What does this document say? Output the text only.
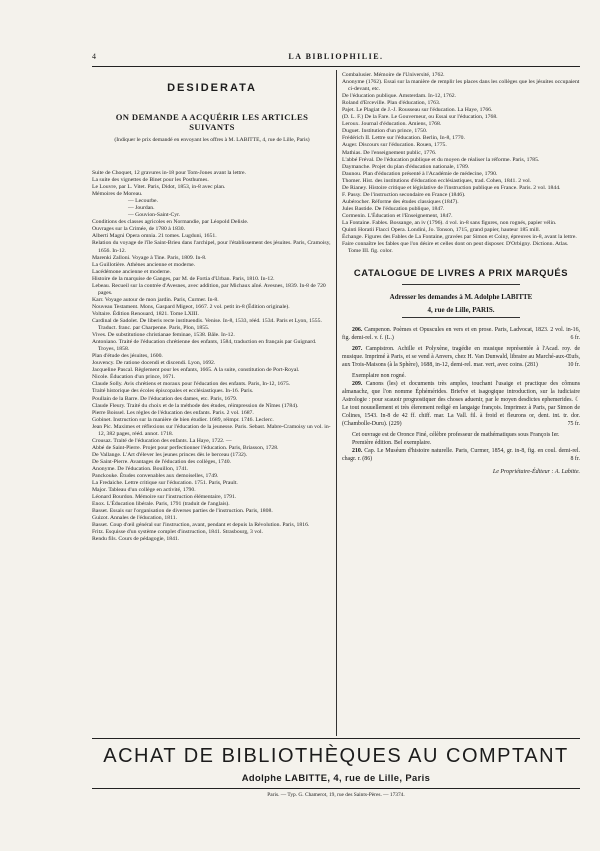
4	LA BIBLIOPHILIE.
DESIDERATA
ON DEMANDE A ACQUÉRIR LES ARTICLES SUIVANTS
(Indiquer le prix demandé en envoyant les offres à M. LABITTE, 4, rue de Lille, Paris)
Suite de Choquet, 12 gravures in-18 pour Tom-Jones avant la lettre.
La suite des vignettes de Binet pour les Posthumes.
Le Louvre, par L. Vitet. Paris, Didot, 1853, in-8 avec plan.
Mémoires de Moreau.
— Lecourbe.
— Jourdan.
— Gouvion-Saint-Cyr.
Conditions des classes agricoles en Normandie, par Léopold Delisle.
Ouvrages sur la Crimée, de 1780 à 1830.
Alberti Magni Opera omnia. 21 tomes. Lugduni, 1651.
Relation du voyage de l'île Saint-Brieu dans l'archipel, pour l'établissement des jésuites. Paris, Cramoisy, 1656. In-12.
Marenki Zalloni. Voyage à Tine. Paris, 1809. In-8.
La Guillotière. Athènes ancienne et moderne.
Lacédémone ancienne et moderne.
Histoire de la marquise de Ganges, par M. de Fortia d'Urban. Paris, 1810. In-12.
Lebeau. Recueil sur la contrée d'Avesnes, avec addition, par Michaux aîné. Avesnes, 1839. In-8 de 720 pages.
Karr. Voyage autour de mon jardin. Paris, Curmer. In-8.
Nouveau Testament. Mons, Gaspard Migeot, 1667. 2 vol. petit in-8 (Édition originale).
Voltaire. Édition Renouard, 1821. Tome LXIII.
Cardinal de Sadolet. De liberis recte instituendis. Venise. In-8, 1533, rééd. 1534. Paris et Lyon, 1555. Traduct. franc. par Charpenne. Paris, Plon, 1855.
Vives. De substitutione christianae feminae, 1538. Bâle. In-12.
Antoniano. Traité de l'éducation chrétienne des enfants, 1584, traduction en français par Guignard. Troyes, 1858.
Plan d'étude des jésuites, 1600.
Jouvency. De ratione docendi et discendi. Lyon, 1692.
Jacqueline Pascal. Règlement pour les enfants, 1665. A la suite, constitution de Port-Royal.
Nicole. Éducation d'un prince, 1671.
Claude Solly. Avis chrétiens et moraux pour l'éducation des enfants. Paris, In-12, 1675.
Traité historique des écoles épiscopales et ecclésiastiques. In-16. Paris.
Poullain de la Barre. De l'éducation des dames, etc. Paris, 1679.
Claude Fleury. Traité du choix et de la méthode des études, réimpression de Nîmes (1784).
Pierre Boissel. Les règles de l'éducation des enfants. Paris. 2 vol. 1687.
Gobinet. Instruction sur la manière de bien étudier. 1689, réimpr. 1746. Leclerc.
Jean Pic. Maximes et réflexions sur l'éducation de la jeunesse. Paris. Sebast. Mabre-Cramoisy un vol. in-12, 382 pages, rééd. annot. 1718.
Crousaz. Traité de l'éducation des enfants. La Haye, 1722. —
Abbé de Saint-Pierre. Projet pour perfectionner l'éducation. Paris, Briasson, 1728.
De Vallange. L'Art d'élever les jeunes princes dès le berceau (1732).
De Saint-Pierre. Avantages de l'éducation des collèges, 1740.
Anonyme. De l'éducation. Bouillon, 1741.
Panckouke. Études convenables aux demoiselles, 1749.
La Fredaiche. Lettre critique sur l'éducation. 1751. Paris, Prault.
Major. Tableau d'un collège en activité, 1790.
Léonard Bourdon. Mémoire sur l'instruction élémentaire, 1791.
Enox. L'Éducation libérale. Paris, 1791 (traduit de l'anglais).
Basset. Essais sur l'organisation de diverses parties de l'instruction. Paris, 1808.
Guizot. Annales de l'éducation, 1811.
Basset. Coup d'œil général sur l'instruction, avant, pendant et depuis la Révolution. Paris, 1816.
Fritz. Esquisse d'un système complet d'instruction, 1841. Strasbourg, 3 vol.
Rendu fils. Cours de pédagogie, 1841.
Combalusier. Mémoire de l'Université, 1762.
Anonyme (1762). Essai sur la manière de remplir les places dans les collèges que les jésuites occupaient ci-devant, etc.
De l'éducation publique. Amsterdam. In-12, 1762.
Roland d'Erceville. Plan d'éducation, 1763.
Pajet. Le Plagiat de J.-J. Rousseau sur l'éducation. La Haye, 1766.
(D. L. F.) De la Fare. Le Gouverneur, ou Essai sur l'éducation, 1768.
Leroux. Journal d'éducation. Amiens, 1768.
Duguet. Institution d'un prince, 1750.
Frédérich II. Lettre sur l'éducation. Berlin, In-8, 1770.
Auger. Discours sur l'éducation. Rouen, 1775.
Mathias. De l'enseignement public, 1776.
L'abbé Fréval. De l'éducation publique et du moyen de réaliser la réforme. Paris, 1785.
Daymanche. Projet du plan d'éducation nationale, 1789.
Daunou. Plan d'éducation présenté à l'Académie de médecine, 1790.
Thomer. Hist. des institutions d'éducation ecclésiastiques, trad. Cohen, 1841. 2 vol.
De Rianey. Histoire critique et législative de l'instruction publique en France. Paris. 2 vol. 1844.
F. Passy. De l'instruction secondaire en France (1846).
Aubérocher. Réforme des études classiques (1847).
Jules Bastide. De l'éducation publique, 1847.
Cormenin. L'Éducation et l'Enseignement, 1847.
La Fontaine. Fables. Bossange, an iv (1796). 4 vol. in-8 sans figures, non rognés, papier vélin.
Quinti Horatii Flacci Opera. Londini, Jo. Tonson, 1715, grand papier, hauteur 185 mill.
Échange. Figures des Fables de La Fontaine, gravées par Simon et Coiny, épreuves in-8, avant la lettre.
Faire connaître les fables que l'on désire et celles dont on peut disposer. D'Orbigny. Dictionn. Atlas. Tome III. fig. color.
CATALOGUE DE LIVRES A PRIX MARQUÉS
Adresser les demandes à M. Adolphe LABITTE
4, rue de Lille, PARIS.
206. Campenon. Poèmes et Opuscules en vers et en prose. Paris, Ladvocat, 1823. 2 vol. in-16, fig. demi-rel. v. f. (L.)	6 fr.
207. Campistron. Achille et Polyxène, tragédie en musique représentée à l'Acad. roy. de musique. Imprimé à Paris, et se vend à Anvers, chez H. Van Dunwald, libraire au Marché-aux-Œufs, aux Trois-Maisons (à la Sphère), 1688, in-12, demi-rel. mar. vert, avec coins. (281)	10 fr.
Exemplaire non rogné.
209. Canons (les) et documents très amples, touchant l'usaige et practique des cômuns almanachz, que l'on nomme Éphémérides. Briefve et isagogique introduction, sur la iudiciaire Astrologie : pour scauoir prognostiquer des choses aduenir, par le moyen desdictes ephemerides. ☾ Le tout nouuellement et très élerement redigé en langaige françois. Imprimez à Paris, par Simon de Colines, 1543. In-8 de 42 ff. chiff. mar. La Vall. fil. à froid et fleurons or, dent. int. tr. dor. (Chambolle-Duru). (229)	75 fr.
Cet ouvrage est de Oronce Finé, célèbre professeur de mathématiques sous François Ier.
Première édition. Bel exemplaire.
210. Cap. Le Muséum d'histoire naturelle. Paris, Curmer, 1854, gr. in-8, fig. en coul. demi-rel. chagr. r. (86)	8 fr.
Le Propriétaire-Éditeur : A. Labitte.
ACHAT DE BIBLIOTHÈQUES AU COMPTANT
Adolphe LABITTE, 4, rue de Lille, Paris
Paris. — Typ. G. Chamerot, 19, rue des Saints-Pères. — 17374.
